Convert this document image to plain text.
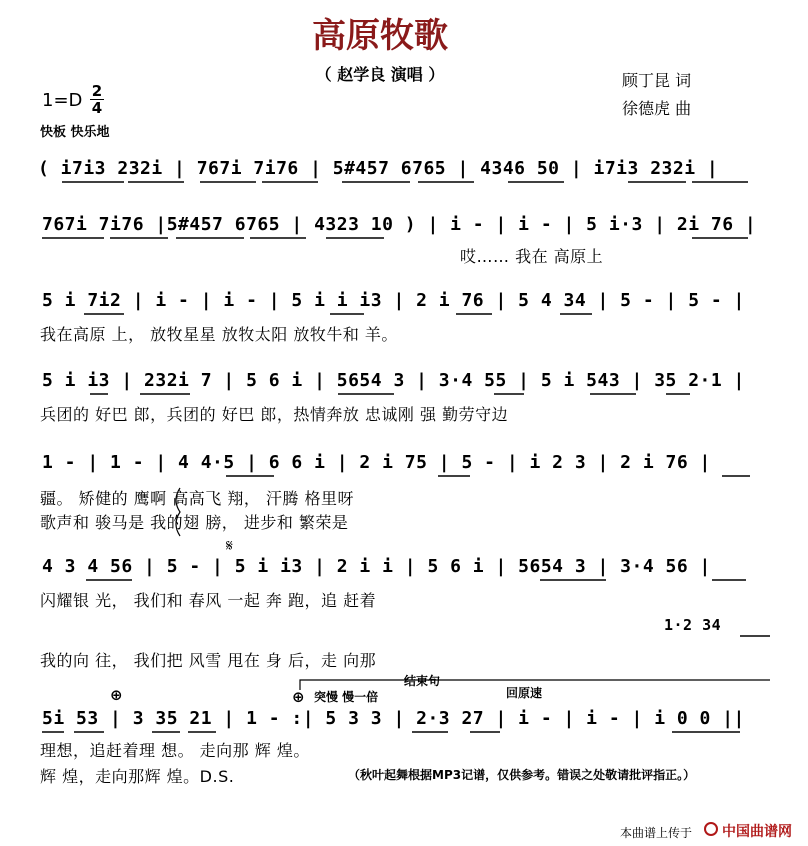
高原牧歌
（ 赵学良 演唱 ）	顾丁昆 词
徐德虎 曲
1=D 2
4
快板 快乐地
( i7i3 232i | 767i 7i76 | 5#457 6765 | 4346 50 | i7i3 232i |
767i 7i76 |5#457 6765 | 4323 10 ) | i - | i - | 5 i·3 | 2i 76 |
哎…… 我在 高原上
5 i 7i2 | i - | i - | 5 i i i3 | 2 i 76 | 5 4 34 | 5 - | 5 - |
我在高原 上， 放牧星星 放牧太阳 放牧牛和 羊。
5 i i3 | 232i 7 | 5 6 i | 5654 3 | 3·4 55 | 5 i 543 | 35 2·1 |
兵团的 好巴 郎，兵团的 好巴 郎，热情奔放 忠诚刚 强 勤劳守边
1 - | 1 - | 4 4·5 | 6 6 i | 2 i 75 | 5 - | i 2 3 | 2 i 76 |
疆。 矫健的 鹰啊 高高飞 翔， 汗腾 格里呀
歌声和 骏马是 我的翅 膀， 进步和 繁荣是
4 3 4 56 | 5 - | 5 i i3 | 2 i i | 5 6 i | 5654 3 | 3·4 56 |
闪耀银 光， 我们和 春风 一起 奔 跑，追 赶着
我的向 往， 我们把 风雪 甩在 身 后，走 向那
𝄋
1·2 34
⊕	⊕ 突慢 慢一倍
结束句
回原速
5i 53 | 3 35 21 | 1 - :| 5 3 3 | 2·3 27 | i - | i - | i 0 0 ||
理想，追赶着理 想。 走向那 辉 煌。
辉 煌，走向那辉 煌。D.S.	（秋叶起舞根据MP3记谱，仅供参考。错误之处敬请批评指正。）
本曲谱上传于 中国曲谱网
